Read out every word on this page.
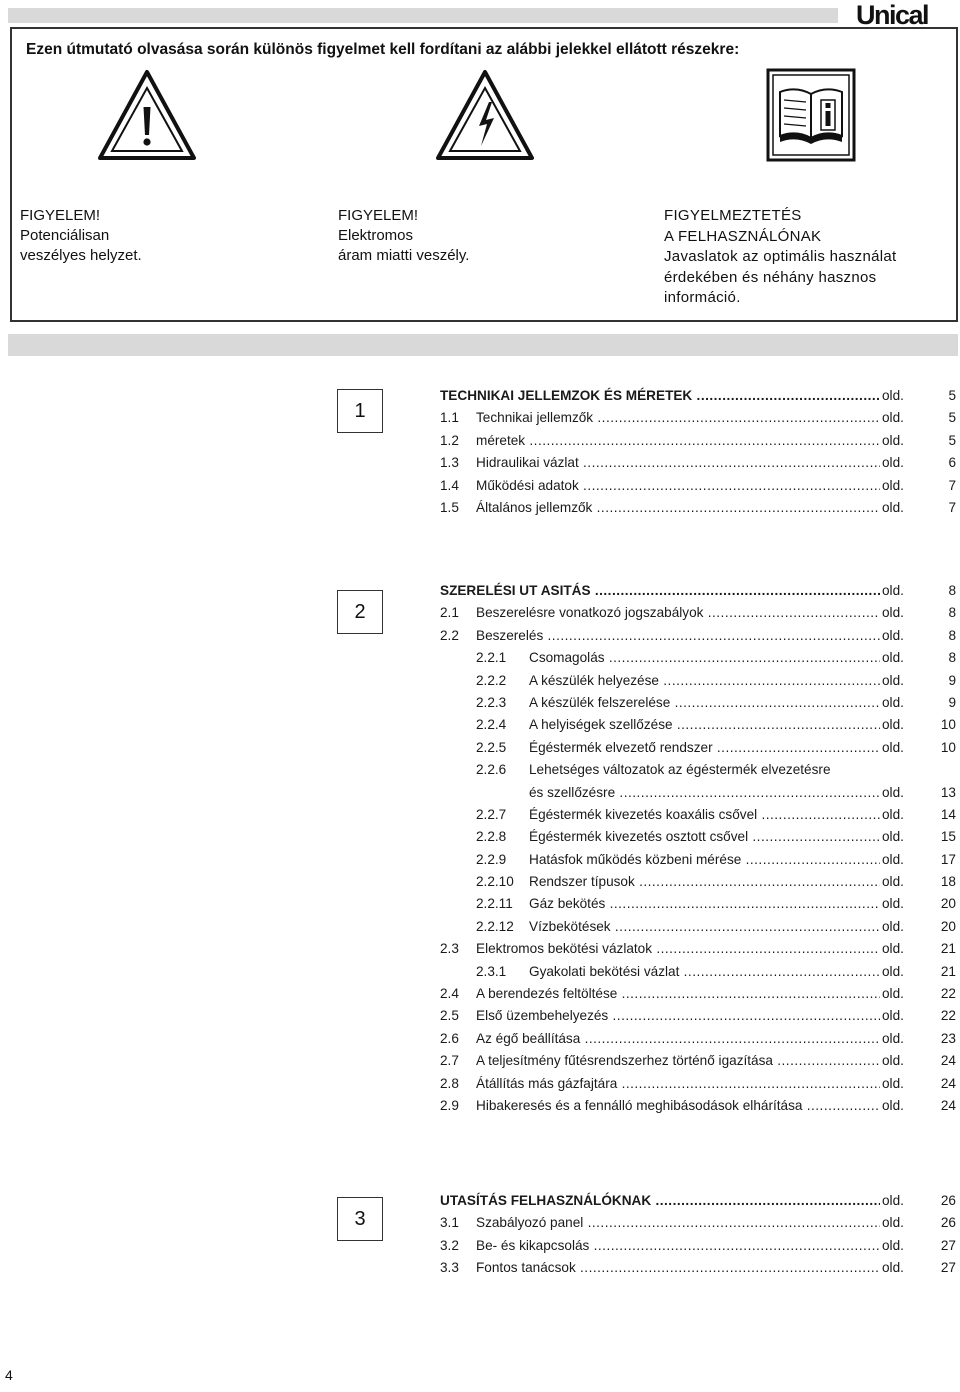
Unical

Ezen útmutató olvasása során különös figyelmet kell fordítani az alábbi jelekkel ellátott részekre:

FIGYELEM!
Potenciálisan
veszélyes helyzet.
FIGYELEM!
Elektromos
áram miatti veszély.
FIGYELMEZTETÉS
A FELHASZNÁLÓNAK
Javaslatok az optimális használat
érdekében és néhány hasznos
információ.
1
2
3
TECHNIKAI JELLEMZOK ÉS MÉRETEK .....	old.	5
1.1 Technikai jellemzők .....	old.	5
1.2 méretek .....	old.	5
1.3 Hidraulikai vázlat .....	old.	6
1.4 Működési adatok .....	old.	7
1.5 Általános jellemzők .....	old.	7
SZERELÉSI UT ASITÁS .....	old.	8
2.1 Beszerelésre vonatkozó jogszabályok .....	old.	8
2.2 Beszerelés .....	old.	8
2.2.1 Csomagolás .....	old.	8
2.2.2 A készülék helyezése .....	old.	9
2.2.3 A készülék felszerelése .....	old.	9
2.2.4 A helyiségek szellőzése .....	old.	10
2.2.5 Égéstermék elvezető rendszer .....	old.	10
2.2.6 Lehetséges változatok az égéstermék elvezetésre
és szellőzésre .....	old.	13
2.2.7 Égéstermék kivezetés koaxális csővel .....	old.	14
2.2.8 Égéstermék kivezetés osztott csővel .....	old.	15
2.2.9 Hatásfok működés közbeni mérése .....	old.	17
2.2.10 Rendszer típusok .....	old.	18
2.2.11 Gáz bekötés .....	old.	20
2.2.12 Vízbekötések .....	old.	20
2.3 Elektromos bekötési vázlatok .....	old.	21
2.3.1 Gyakolati bekötési vázlat .....	old.	21
2.4 A berendezés feltöltése .....	old.	22
2.5 Első üzembehelyezés .....	old.	22
2.6 Az égő beállítása .....	old.	23
2.7 A teljesítmény fűtésrendszerhez történő igazítása .....	old.	24
2.8 Átállítás más gázfajtára .....	old.	24
2.9 Hibakeresés és a fennálló meghibásodások elhárítása .....	old.	24
UTASÍTÁS FELHASZNÁLÓKNAK .....	old.	26
3.1 Szabályozó panel .....	old.	26
3.2 Be- és kikapcsolás .....	old.	27
3.3 Fontos tanácsok .....	old.	27
4
